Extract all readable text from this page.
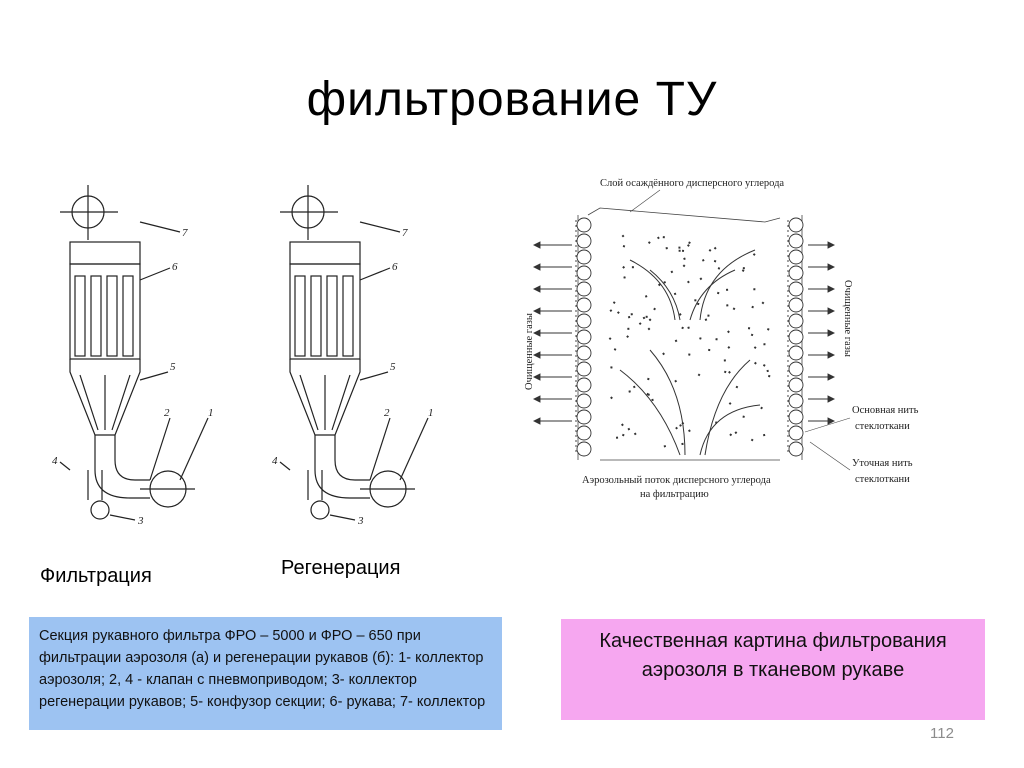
фильтрование ТУ
7
6
5
2	1
4
3
7
6
5
2	1
4
3
Фильтрация	Регенерация
Слой осаждённого дисперсного углерода
Очищенные газы	Очищенные газы
Основная нить
стеклоткани
Уточная нить
стеклоткани
Аэрозольный поток дисперсного углерода
на фильтрацию
Секция рукавного фильтра ФРО – 5000 и ФРО – 650 при фильтрации аэрозоля (а) и регенерации рукавов (б): 1- коллектор аэрозоля; 2, 4 - клапан с пневмоприводом; 3- коллектор регенерации рукавов; 5- конфузор секции; 6- рукава; 7- коллектор
Качественная картина фильтрования аэрозоля в тканевом рукаве
112
